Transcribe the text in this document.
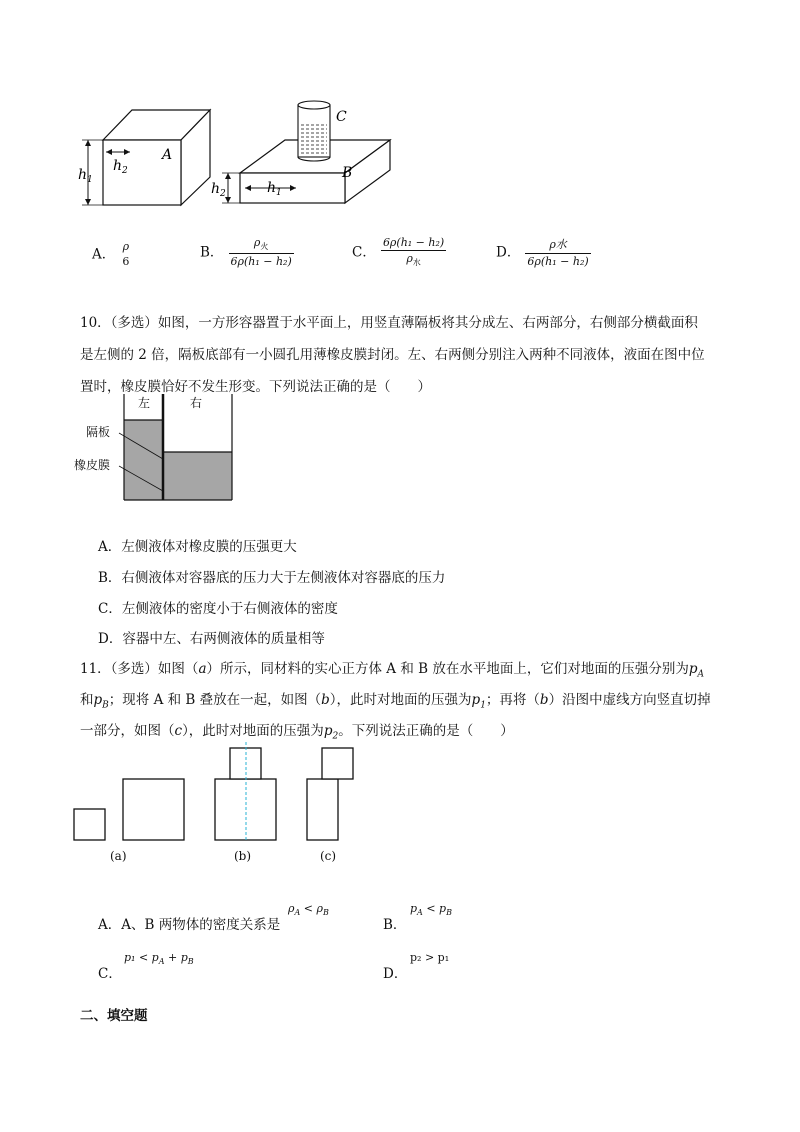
h 1
h 2
A
C
B
h 2	h 1
A． ρ
6
B． $\frac{\rho_火}{\text{6ρ(h₁ − h₂)}}$	C． $\frac{\text{6ρ(h₁ − h₂)}}{\rho_水}$	D． $\frac{\text{ρ水}}{\text{6ρ(h₁ − h₂)}}$
10．（多选）如图，一方形容器置于水平面上，用竖直薄隔板将其分成左、右两部分，右侧部分横截面积
是左侧的 2 倍，隔板底部有一小圆孔用薄橡皮膜封闭。左、右两侧分别注入两种不同液体，液面在图中位
置时，橡皮膜恰好不发生形变。下列说法正确的是（　　）
左	右
隔板
橡皮膜
A．左侧液体对橡皮膜的压强更大
B．右侧液体对容器底的压力大于左侧液体对容器底的压力
C．左侧液体的密度小于右侧液体的密度
D．容器中左、右两侧液体的质量相等
11．（多选）如图（a）所示，同材料的实心正方体 A 和 B 放在水平地面上，它们对地面的压强分别为$p_A$
和$p_B$；现将 A 和 B 叠放在一起，如图（b），此时对地面的压强为$p_1$；再将（b）沿图中虚线方向竖直切掉
一部分，如图（c），此时对地面的压强为$p_2$。下列说法正确的是（　　）
(a)	(b)	(c)
A．A、B 两物体的密度关系是
$\rho_A < \rho_B$
B．
$p_A < p_B$
C．
$p_1 < p_A + p_B$
D．
p₂ > p₁
二、填空题
